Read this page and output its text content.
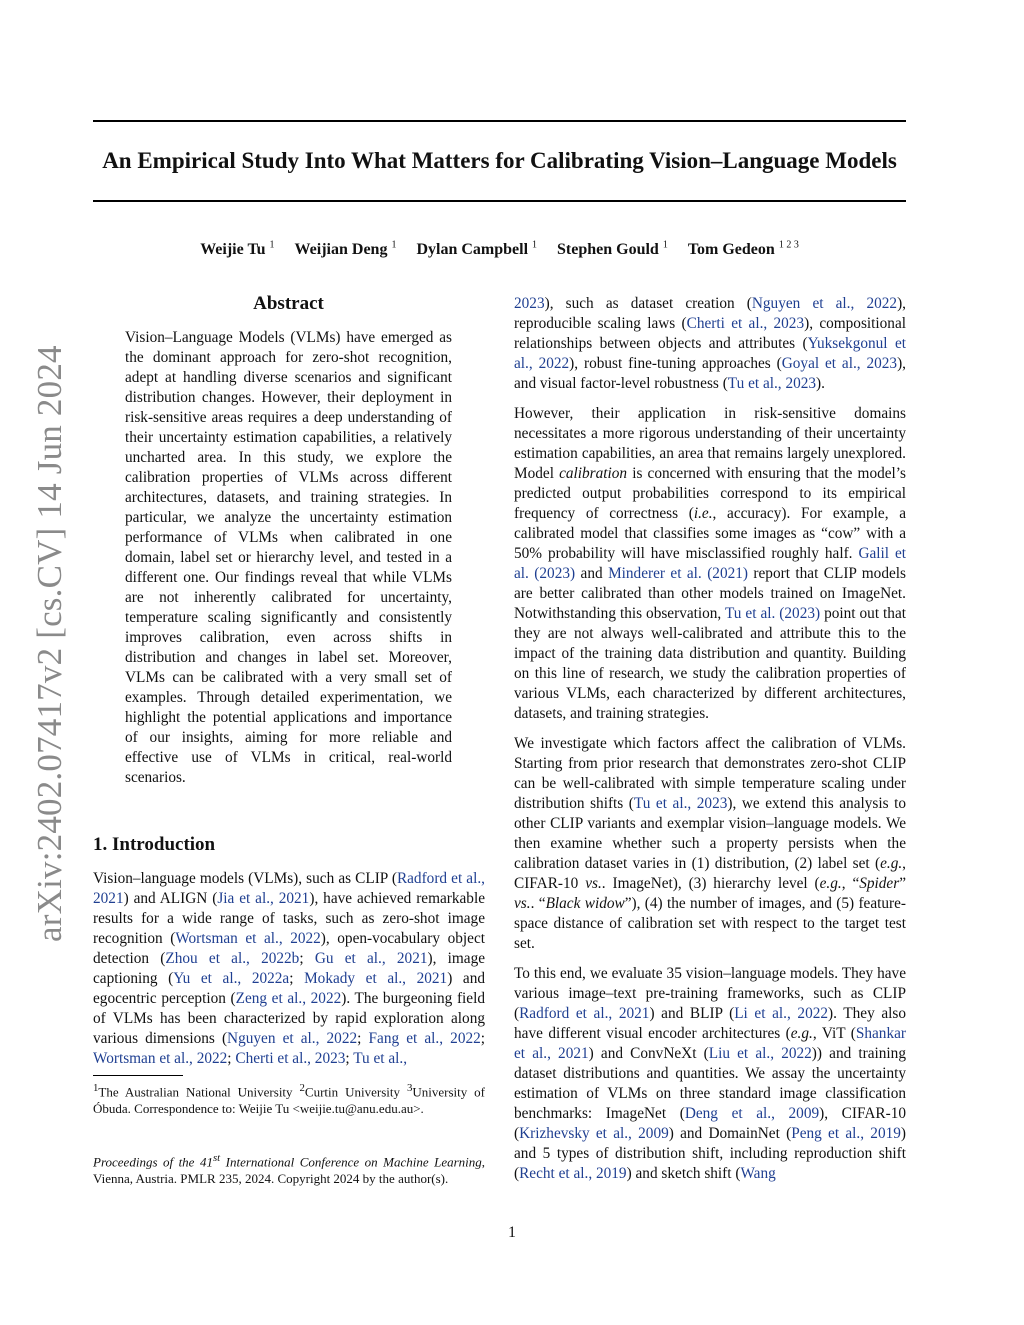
arXiv:2402.07417v2 [cs.CV] 14 Jun 2024
An Empirical Study Into What Matters for Calibrating Vision–Language Models
Weijie Tu $^1$ Weijian Deng $^1$ Dylan Campbell $^1$ Stephen Gould $^1$ Tom Gedeon $^{1 2 3}$
Abstract

Vision–Language Models (VLMs) have emerged as the dominant approach for zero-shot recognition, adept at handling diverse scenarios and significant distribution changes. However, their deployment in risk-sensitive areas requires a deep understanding of their uncertainty estimation capabilities, a relatively uncharted area. In this study, we explore the calibration properties of VLMs across different architectures, datasets, and training strategies. In particular, we analyze the uncertainty estimation performance of VLMs when calibrated in one domain, label set or hierarchy level, and tested in a different one. Our findings reveal that while VLMs are not inherently calibrated for uncertainty, temperature scaling significantly and consistently improves calibration, even across shifts in distribution and changes in label set. Moreover, VLMs can be calibrated with a very small set of examples. Through detailed experimentation, we highlight the potential applications and importance of our insights, aiming for more reliable and effective use of VLMs in critical, real-world scenarios.

1. Introduction

Vision–language models (VLMs), such as CLIP (Radford et al., 2021) and ALIGN (Jia et al., 2021), have achieved remarkable results for a wide range of tasks, such as zero-shot image recognition (Wortsman et al., 2022), open-vocabulary object detection (Zhou et al., 2022b; Gu et al., 2021), image captioning (Yu et al., 2022a; Mokady et al., 2021) and egocentric perception (Zeng et al., 2022). The burgeoning field of VLMs has been characterized by rapid exploration along various dimensions (Nguyen et al., 2022; Fang et al., 2022; Wortsman et al., 2022; Cherti et al., 2023; Tu et al.,

$^1$The Australian National University $^2$Curtin University $^3$University of Óbuda. Correspondence to: Weijie Tu <weijie.tu@anu.edu.au>.

Proceedings of the 41st International Conference on Machine Learning, Vienna, Austria. PMLR 235, 2024. Copyright 2024 by the author(s).

2023), such as dataset creation (Nguyen et al., 2022), reproducible scaling laws (Cherti et al., 2023), compositional relationships between objects and attributes (Yuksekgonul et al., 2022), robust fine-tuning approaches (Goyal et al., 2023), and visual factor-level robustness (Tu et al., 2023).

However, their application in risk-sensitive domains necessitates a more rigorous understanding of their uncertainty estimation capabilities, an area that remains largely unexplored. Model calibration is concerned with ensuring that the model’s predicted output probabilities correspond to its empirical frequency of correctness (i.e., accuracy). For example, a calibrated model that classifies some images as “cow” with a 50% probability will have misclassified roughly half. Galil et al. (2023) and Minderer et al. (2021) report that CLIP models are better calibrated than other models trained on ImageNet. Notwithstanding this observation, Tu et al. (2023) point out that they are not always well-calibrated and attribute this to the impact of the training data distribution and quantity. Building on this line of research, we study the calibration properties of various VLMs, each characterized by different architectures, datasets, and training strategies.

We investigate which factors affect the calibration of VLMs. Starting from prior research that demonstrates zero-shot CLIP can be well-calibrated with simple temperature scaling under distribution shifts (Tu et al., 2023), we extend this analysis to other CLIP variants and exemplar vision–language models. We then examine whether such a property persists when the calibration dataset varies in (1) distribution, (2) label set (e.g., CIFAR-10 vs.. ImageNet), (3) hierarchy level (e.g., “Spider” vs.. “Black widow”), (4) the number of images, and (5) feature-space distance of calibration set with respect to the target test set.

To this end, we evaluate 35 vision–language models. They have various image–text pre-training frameworks, such as CLIP (Radford et al., 2021) and BLIP (Li et al., 2022). They also have different visual encoder architectures (e.g., ViT (Shankar et al., 2021) and ConvNeXt (Liu et al., 2022)) and training dataset distributions and quantities. We assay the uncertainty estimation of VLMs on three standard image classification benchmarks: ImageNet (Deng et al., 2009), CIFAR-10 (Krizhevsky et al., 2009) and DomainNet (Peng et al., 2019) and 5 types of distribution shift, including reproduction shift (Recht et al., 2019) and sketch shift (Wang

1
